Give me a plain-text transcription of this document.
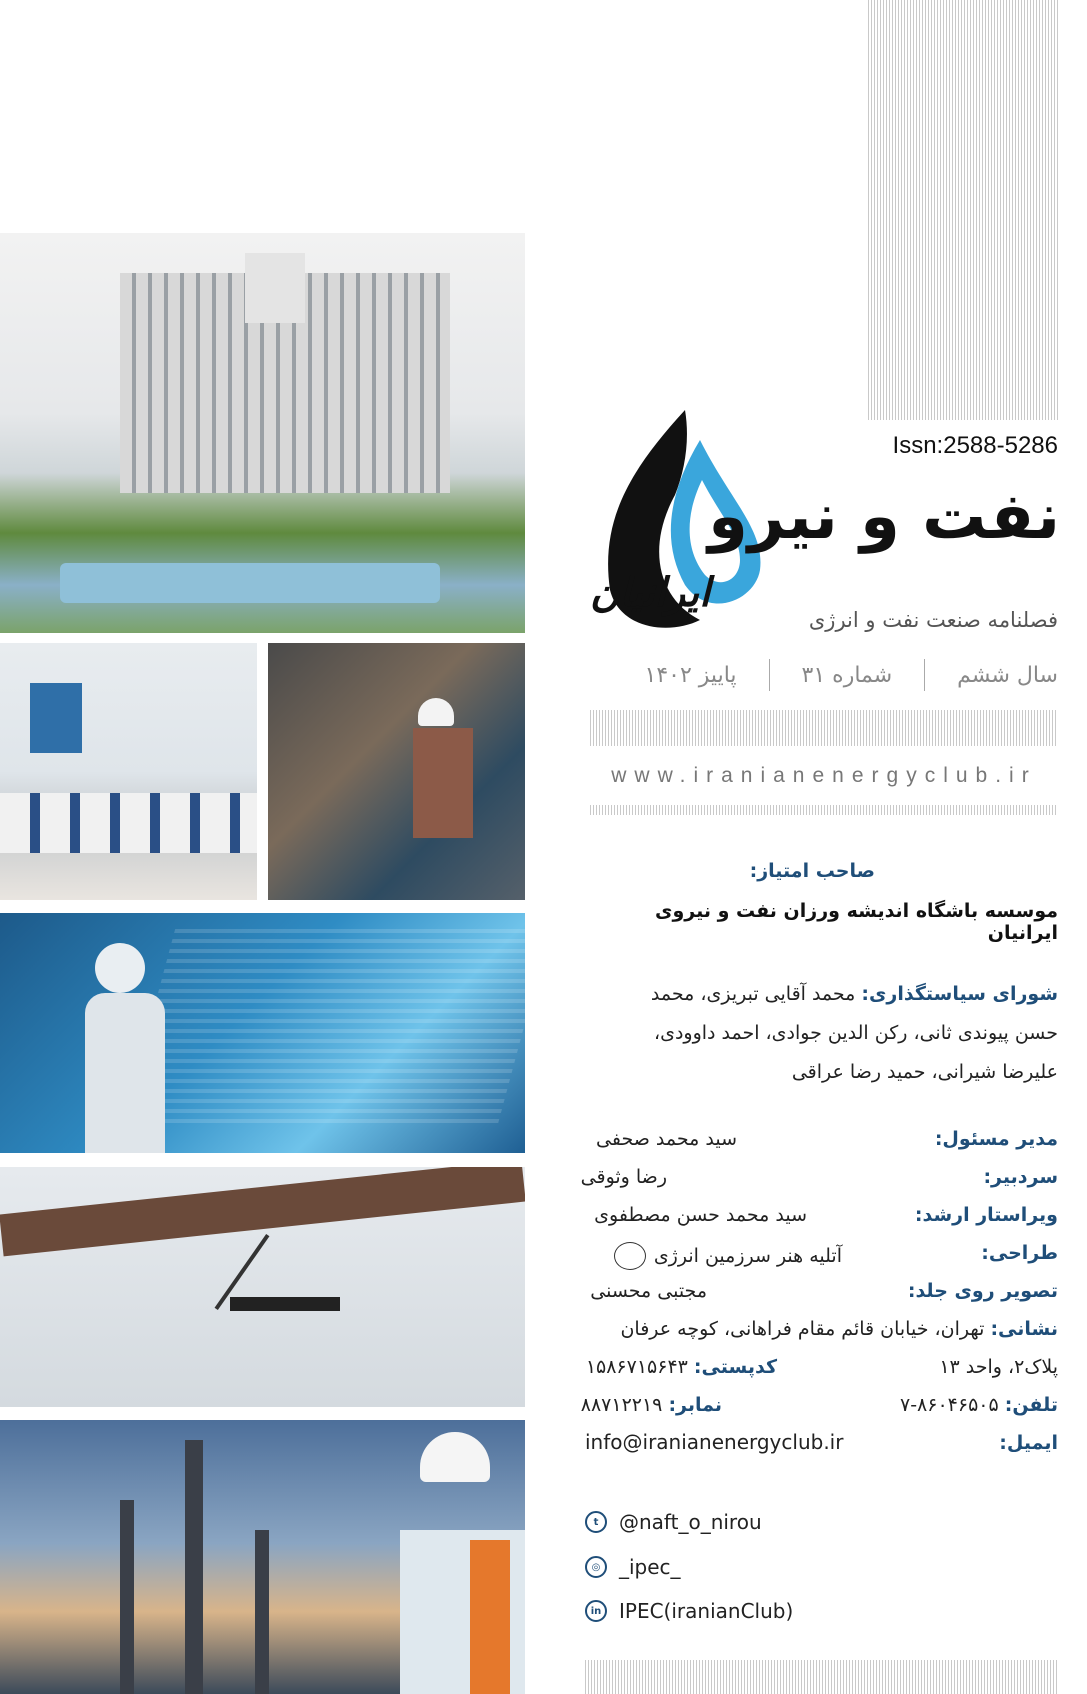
Issn:2588-5286
نفت و نیرو
ایرانیان
فصلنامه صنعت نفت و انرژی
سال ششم
شماره ۳۱
پاییز ۱۴۰۲
www.iranianenergyclub.ir
صاحب امتیاز:
موسسه باشگاه اندیشه ورزان نفت و نیروی ایرانیان
شورای سیاستگذاری: محمد آقایی تبریزی، محمد
حسن پیوندی ثانی، رکن الدین جوادی، احمد داوودی،
علیرضا شیرانی، حمید رضا عراقی
مدیر مسئول:
سید محمد صحفی
سردبیر:
رضا وثوقی
ویراستار ارشد:
سید محمد حسن مصطفوی
طراحی:
آتلیه هنر سرزمین انرژی
تصویر روی جلد:
مجتبی محسنی
نشانی: تهران، خیابان قائم مقام فراهانی، کوچه عرفان
پلاک۲، واحد ۱۳
کدپستی: ۱۵۸۶۷۱۵۶۴۳
تلفن: ۸۶۰۴۶۵۰۵-۷
نمابر: ۸۸۷۱۲۲۱۹
ایمیل:
info@iranianenergyclub.ir
t	@naft_o_nirou
◎ _ipec_
in IPEC(iranianClub)
